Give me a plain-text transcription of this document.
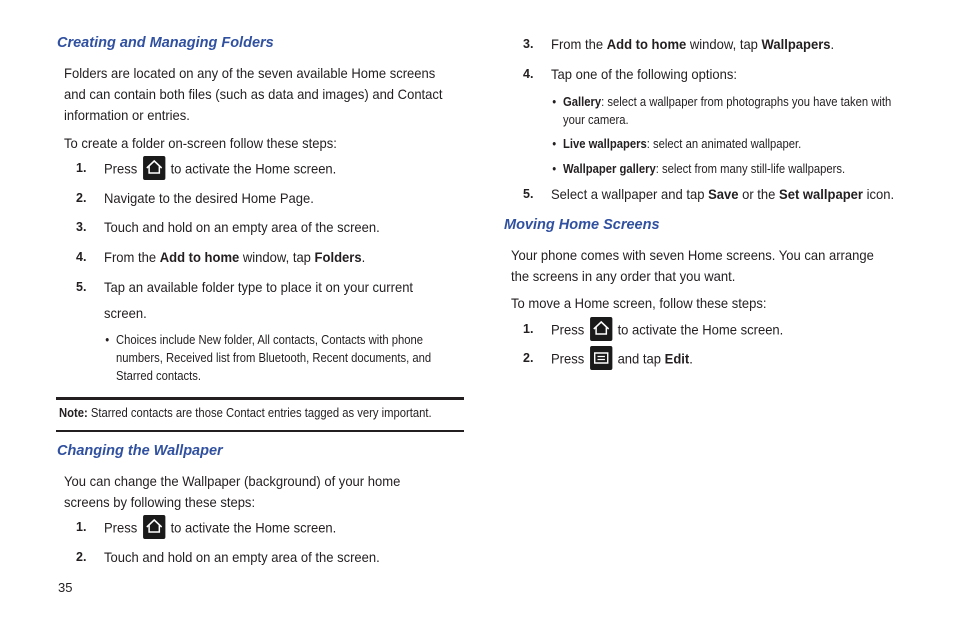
Creating and Managing Folders

Folders are located on any of the seven available Home screens

and can contain both files (such as data and images) and Contact

information or entries.

To create a folder on-screen follow these steps:

1. Press to activate the Home screen.
2. Navigate to the desired Home Page.
3. Touch and hold on an empty area of the screen.
4. From the Add to home window, tap Folders.
5. Tap an available folder type to place it on your current
screen.
• Choices include New folder, All contacts, Contacts with phone
numbers, Received list from Bluetooth, Recent documents, and
Starred contacts.
Note: Starred contacts are those Contact entries tagged as very important.
Changing the Wallpaper

You can change the Wallpaper (background) of your home

screens by following these steps:

1. Press to activate the Home screen.
2. Touch and hold on an empty area of the screen.
35
3. From the Add to home window, tap Wallpapers.
4. Tap one of the following options:
• Gallery: select a wallpaper from photographs you have taken with
your camera.
• Live wallpapers: select an animated wallpaper.
• Wallpaper gallery: select from many still-life wallpapers.
5. Select a wallpaper and tap Save or the Set wallpaper icon.
Moving Home Screens

Your phone comes with seven Home screens. You can arrange

the screens in any order that you want.

To move a Home screen, follow these steps:

1. Press to activate the Home screen.
2. Press
and tap Edit.
